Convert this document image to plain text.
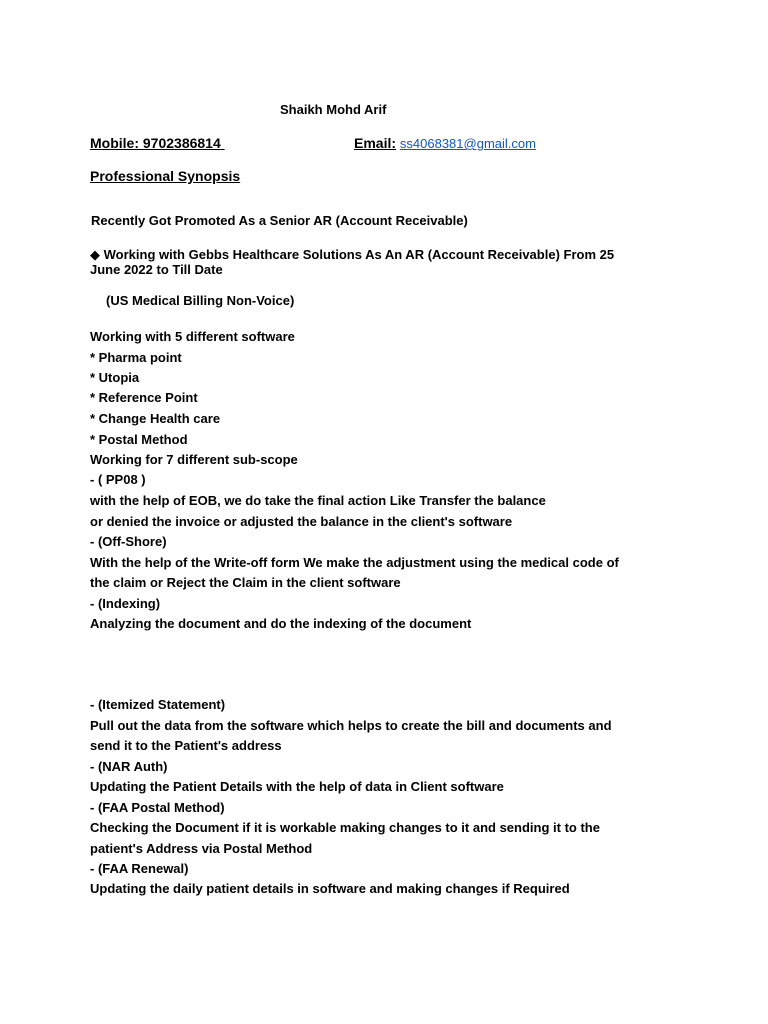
Shaikh Mohd Arif
Mobile: 9702386814	Email: ss4068381@gmail.com
Professional Synopsis
Recently Got Promoted As a Senior AR (Account Receivable)
◆ Working with Gebbs Healthcare Solutions As An AR (Account Receivable) From 25
June 2022 to Till Date
(US Medical Billing Non-Voice)
Working with 5 different software
* Pharma point
* Utopia
* Reference Point
* Change Health care
* Postal Method
Working for 7 different sub-scope
- ( PP08 )
with the help of EOB, we do take the final action Like Transfer the balance
or denied the invoice or adjusted the balance in the client's software
- (Off-Shore)
With the help of the Write-off form We make the adjustment using the medical code of
the claim or Reject the Claim in the client software
- (Indexing)
Analyzing the document and do the indexing of the document
- (Itemized Statement)
Pull out the data from the software which helps to create the bill and documents and
send it to the Patient's address
- (NAR Auth)
Updating the Patient Details with the help of data in Client software
- (FAA Postal Method)
Checking the Document if it is workable making changes to it and sending it to the
patient's Address via Postal Method
- (FAA Renewal)
Updating the daily patient details in software and making changes if Required
